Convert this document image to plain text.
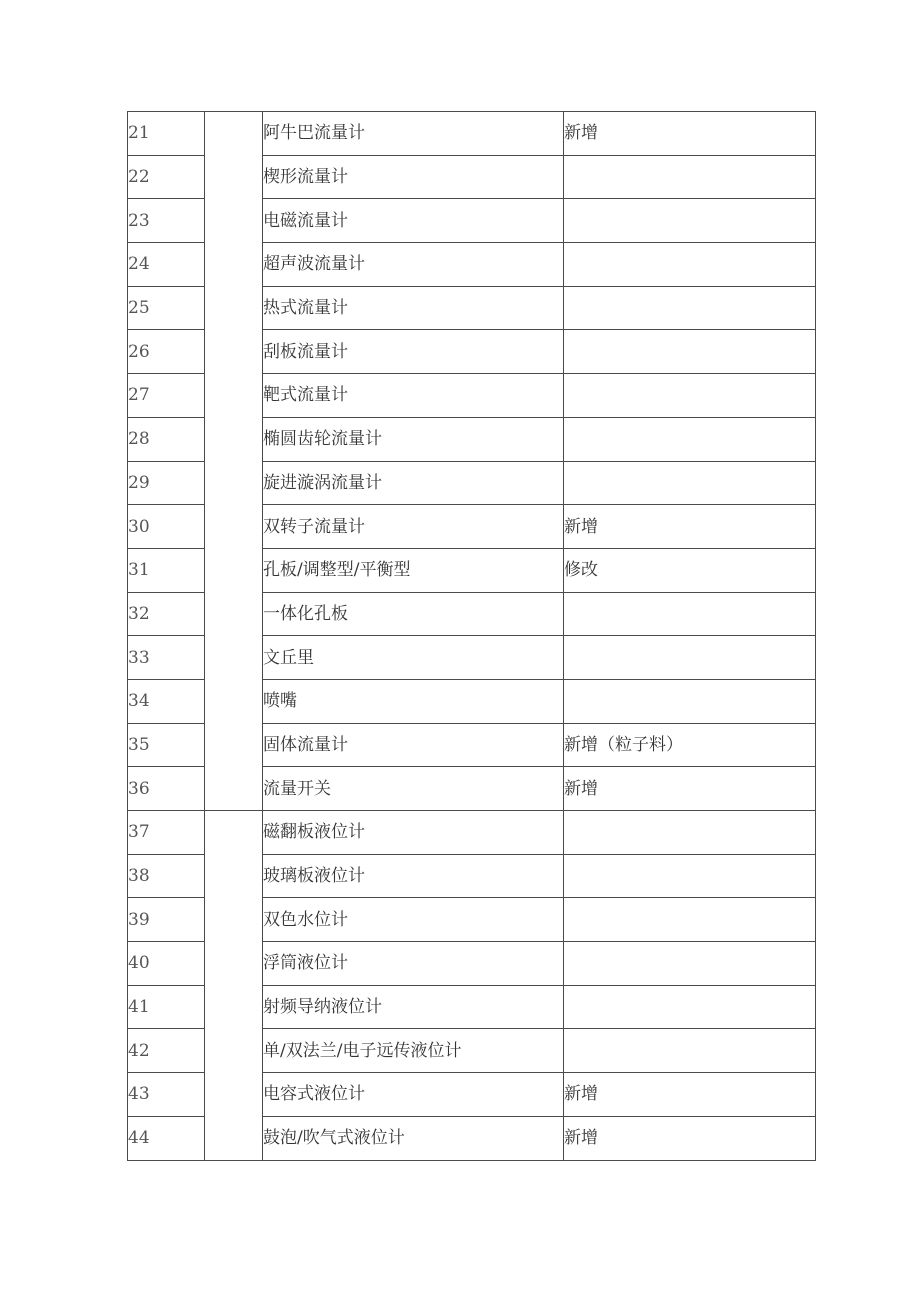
21		阿牛巴流量计	新增
22		楔形流量计	
23		电磁流量计	
24		超声波流量计	
25		热式流量计	
26		刮板流量计	
27		靶式流量计	
28		椭圆齿轮流量计	
29		旋进漩涡流量计	
30		双转子流量计	新增
31		孔板/调整型/平衡型	修改
32		一体化孔板	
33		文丘里	
34		喷嘴	
35		固体流量计	新增（粒子料）
36		流量开关	新增
37		磁翻板液位计	
38		玻璃板液位计	
39		双色水位计	
40		浮筒液位计	
41		射频导纳液位计	
42		单/双法兰/电子远传液位计	
43		电容式液位计	新增
44		鼓泡/吹气式液位计	新增
